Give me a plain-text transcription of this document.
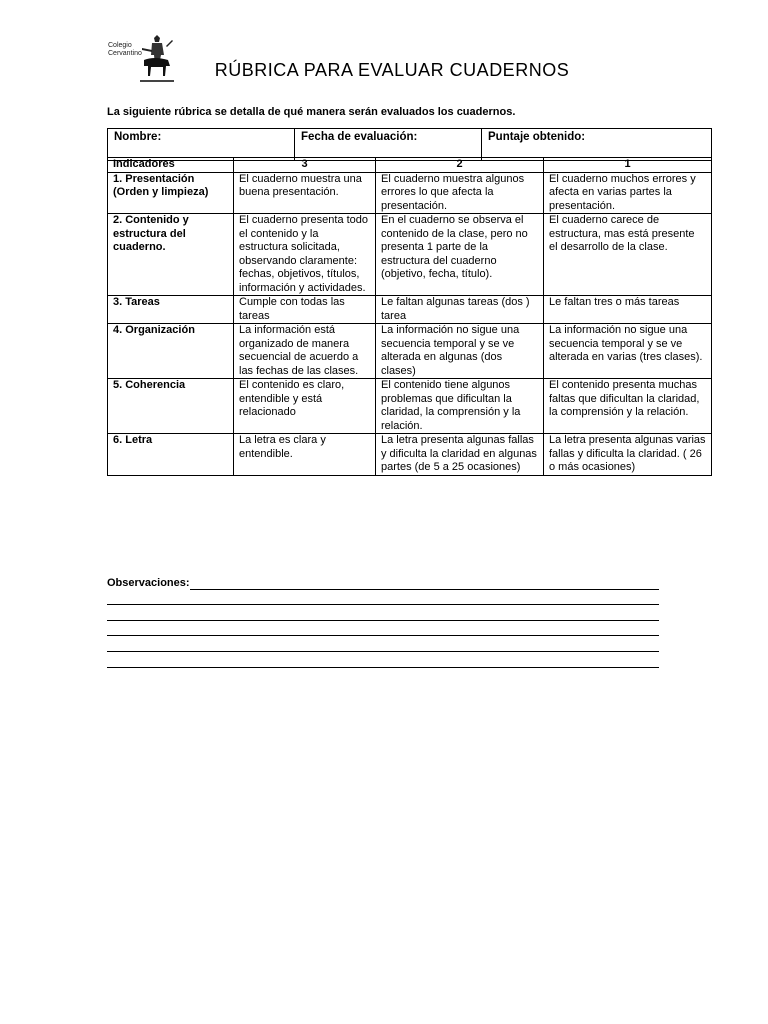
Colegio
Cervantino
RÚBRICA PARA EVALUAR CUADERNOS
La siguiente rúbrica se detalla de qué manera serán evaluados los cuadernos.
Nombre:	Fecha de evaluación:	Puntaje obtenido:
Indicadores	3	2	1
1. Presentación (Orden y limpieza)	El cuaderno muestra una buena presentación.	El cuaderno muestra algunos errores lo que afecta la presentación.	El cuaderno muchos errores y afecta en varias partes la presentación.
2. Contenido y estructura del cuaderno.	El cuaderno presenta todo el contenido y la estructura solicitada, observando claramente: fechas, objetivos, títulos, información y actividades.	En el cuaderno se observa el contenido de la clase, pero no presenta 1 parte de la estructura del cuaderno (objetivo, fecha, título).	El cuaderno carece de estructura, mas está presente el desarrollo de la clase.
3. Tareas	Cumple con todas las tareas	Le faltan algunas tareas (dos ) tarea	Le faltan tres o más tareas
4. Organización	La información está organizado de manera secuencial de acuerdo a las fechas de las clases.	La información no sigue una secuencia temporal y se ve alterada en algunas (dos clases)	La información no sigue una secuencia temporal y se ve alterada en varias (tres clases).
5. Coherencia	El contenido es claro, entendible y está relacionado	El contenido tiene algunos problemas que dificultan la claridad, la comprensión y la relación.	El contenido presenta muchas faltas que dificultan la claridad, la comprensión y la relación.
6. Letra	La letra es clara y entendible.	La letra presenta algunas fallas y dificulta la claridad en algunas partes (de 5 a 25 ocasiones)	La letra presenta algunas varias fallas y dificulta la claridad. ( 26 o más ocasiones)
Observaciones:
